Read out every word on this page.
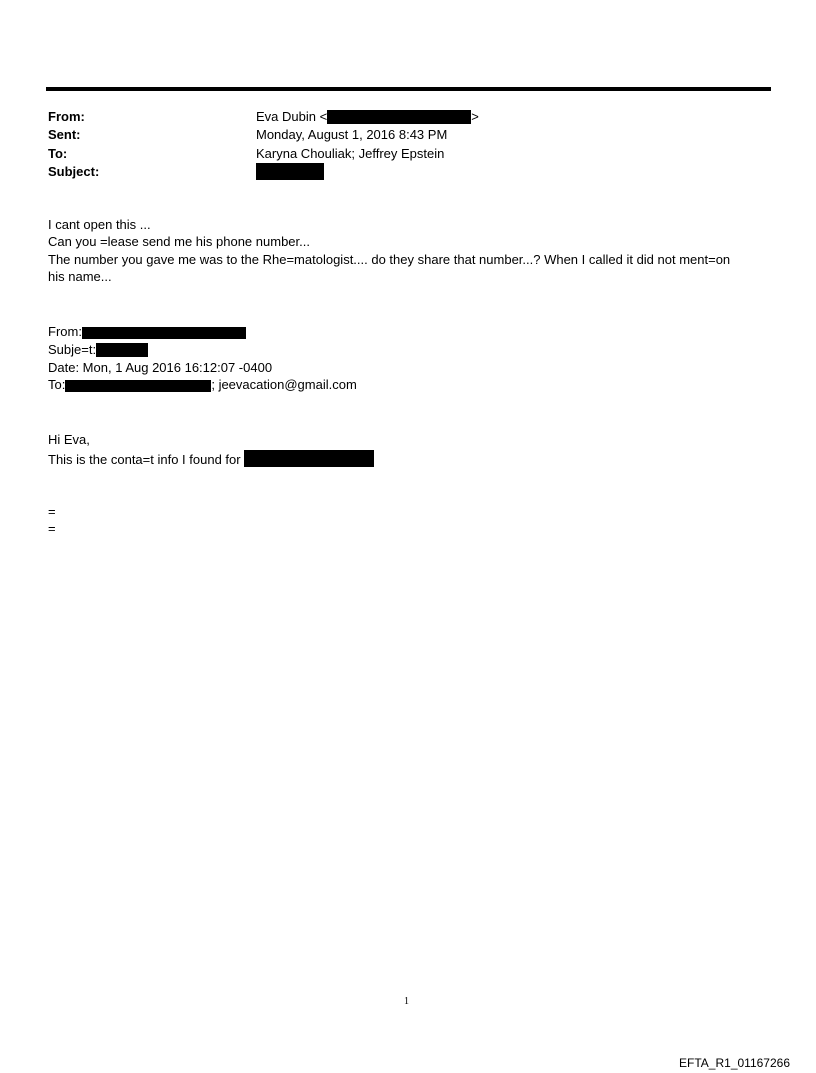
From:
Sent:
To:
Subject:
Eva Dubin <	>
Monday, August 1, 2016 8:43 PM
Karyna Chouliak; Jeffrey Epstein
I cant open this ...
Can you =lease send me his phone number...
The number you gave me was to the Rhe=matologist.... do they share that number...? When I called it did not ment=on
his name...
From:
Subje=t:
Date: Mon, 1 Aug 2016 16:12:07 -0400
To:	; jeevacation@gmail.com
Hi Eva,
This is the conta=t info I found for
=
=
1
EFTA_R1_01167266
